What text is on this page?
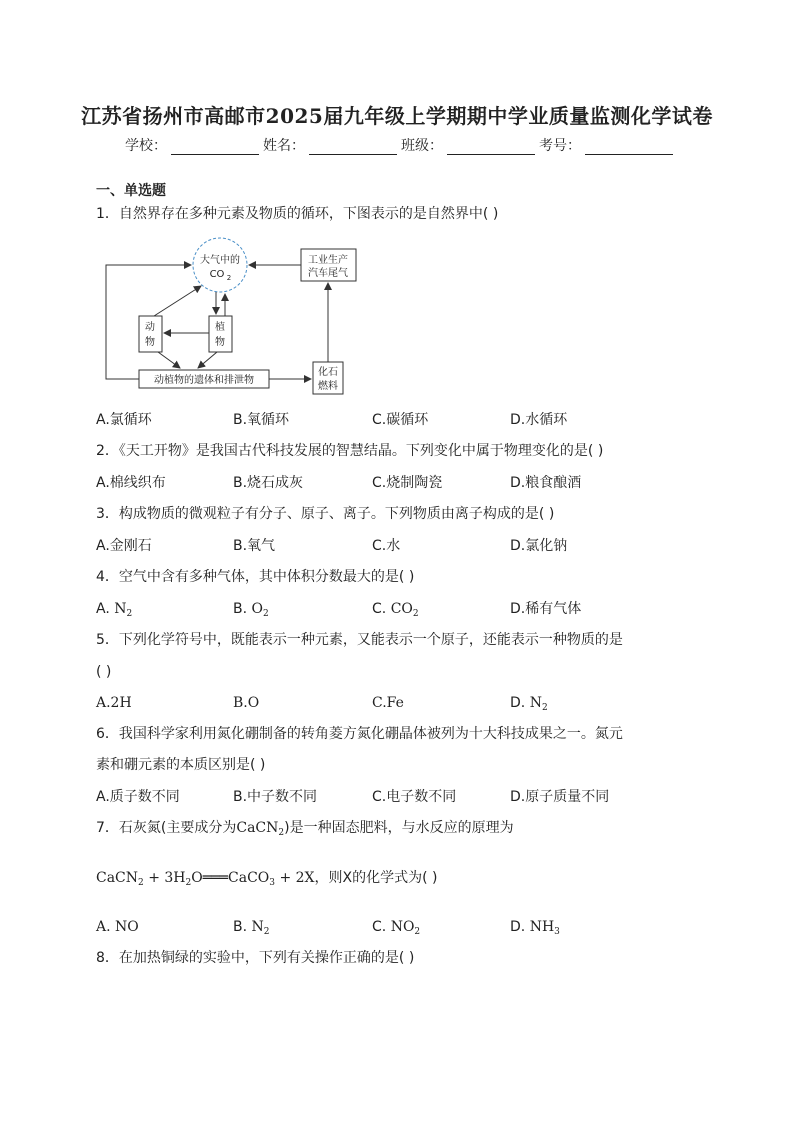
江苏省扬州市高邮市2025届九年级上学期期中学业质量监测化学试卷
学校：	姓名：	班级：	考号：
一、单选题
1．自然界存在多种元素及物质的循环，下图表示的是自然界中( )
大气中的
CO 2
工业生产
汽车尾气
动
物
植
物
动植物的遗体和排泄物
化石
燃料
A.氯循环	B.氧循环	C.碳循环	D.水循环
2．《天工开物》是我国古代科技发展的智慧结晶。下列变化中属于物理变化的是( )
A.棉线织布	B.烧石成灰	C.烧制陶瓷	D.粮食酿酒
3．构成物质的微观粒子有分子、原子、离子。下列物质由离子构成的是( )
A.金刚石	B.氧气	C.水	D.氯化钠
4．空气中含有多种气体，其中体积分数最大的是( )
A. $N_2$	B. $O_2$	C. $CO_2$	D.稀有气体
5．下列化学符号中，既能表示一种元素，又能表示一个原子，还能表示一种物质的是
( )
A.2H	B.O	C.Fe	D. $N_2$
6．我国科学家利用氮化硼制备的转角菱方氮化硼晶体被列为十大科技成果之一。氮元
素和硼元素的本质区别是( )
A.质子数不同	B.中子数不同	C.电子数不同	D.原子质量不同
7．石灰氮(主要成分为CaCN$_2$)是一种固态肥料，与水反应的原理为
CaCN$_2$ + $3H_2O═══CaCO_3 + 2X$，则X的化学式为( )
A. NO	B. $N_2$	C. $NO_2$	D. $NH_3$
8．在加热铜绿的实验中，下列有关操作正确的是( )
